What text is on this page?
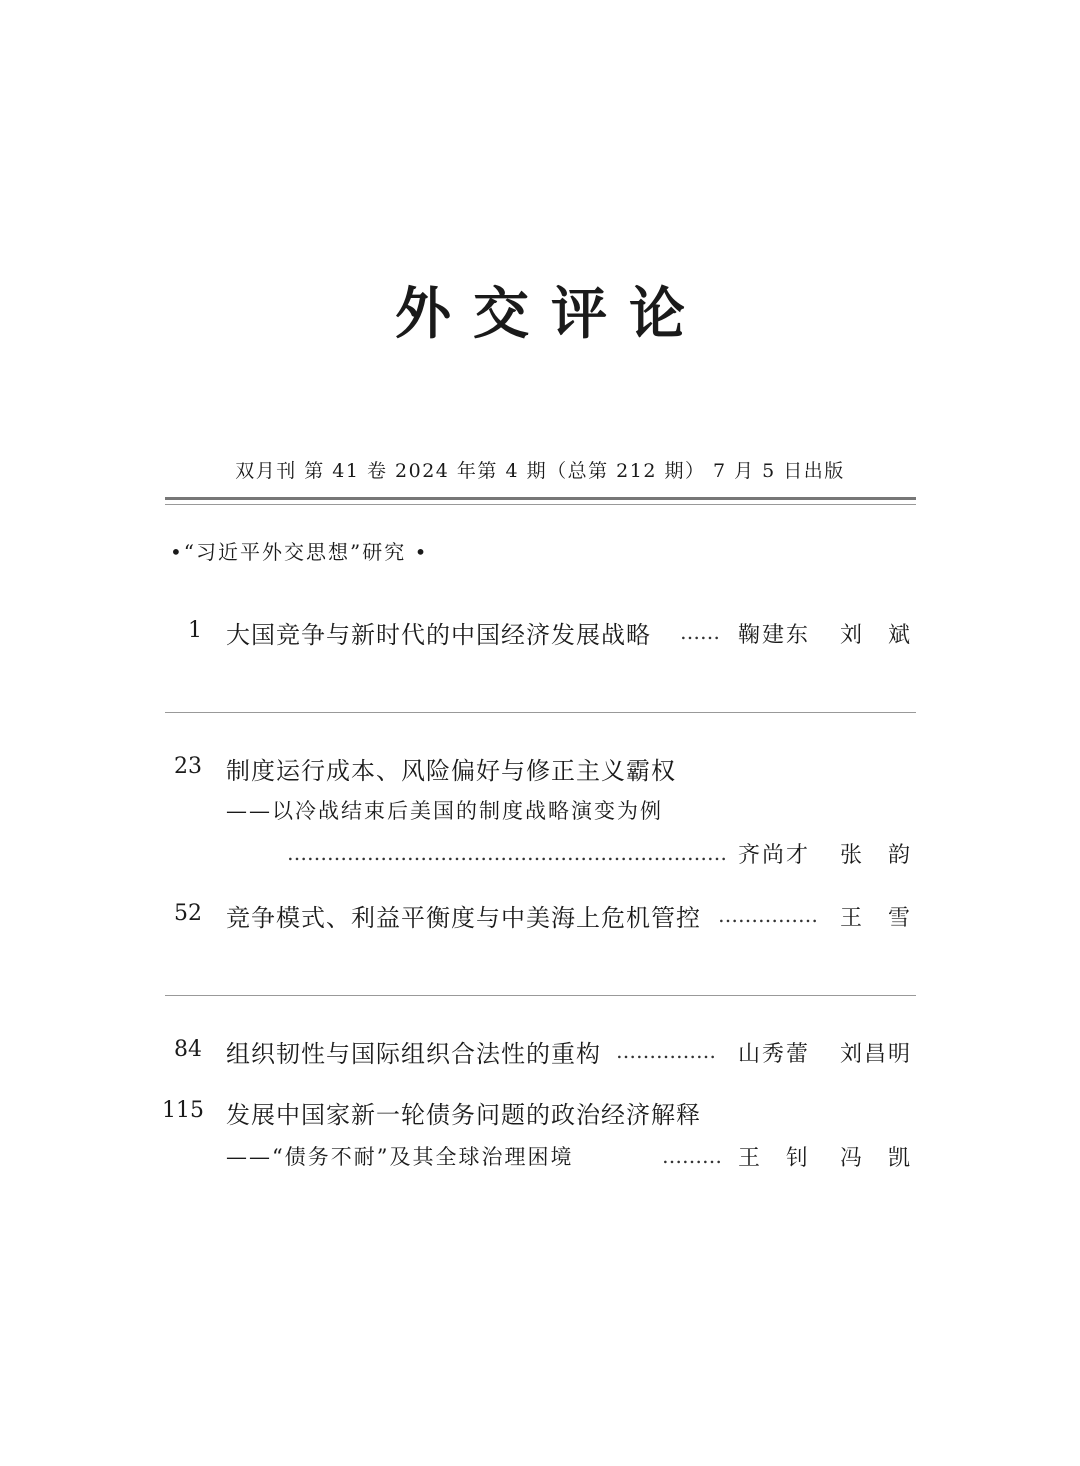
外交评论
双月刊 第 41 卷 2024 年第 4 期（总第 212 期） 7 月 5 日出版
•“习近平外交思想”研究 •
1 大国竞争与新时代的中国经济发展战略 …… 鞠建东 刘　斌
23 制度运行成本、风险偏好与修正主义霸权
——以冷战结束后美国的制度战略演变为例
………………………………………………………… 齐尚才 张　韵
52 竞争模式、利益平衡度与中美海上危机管控 …………… 王　雪
84 组织韧性与国际组织合法性的重构 …………… 山秀蕾 刘昌明
115 发展中国家新一轮债务问题的政治经济解释
——“债务不耐”及其全球治理困境	……… 王　钊 冯　凯
